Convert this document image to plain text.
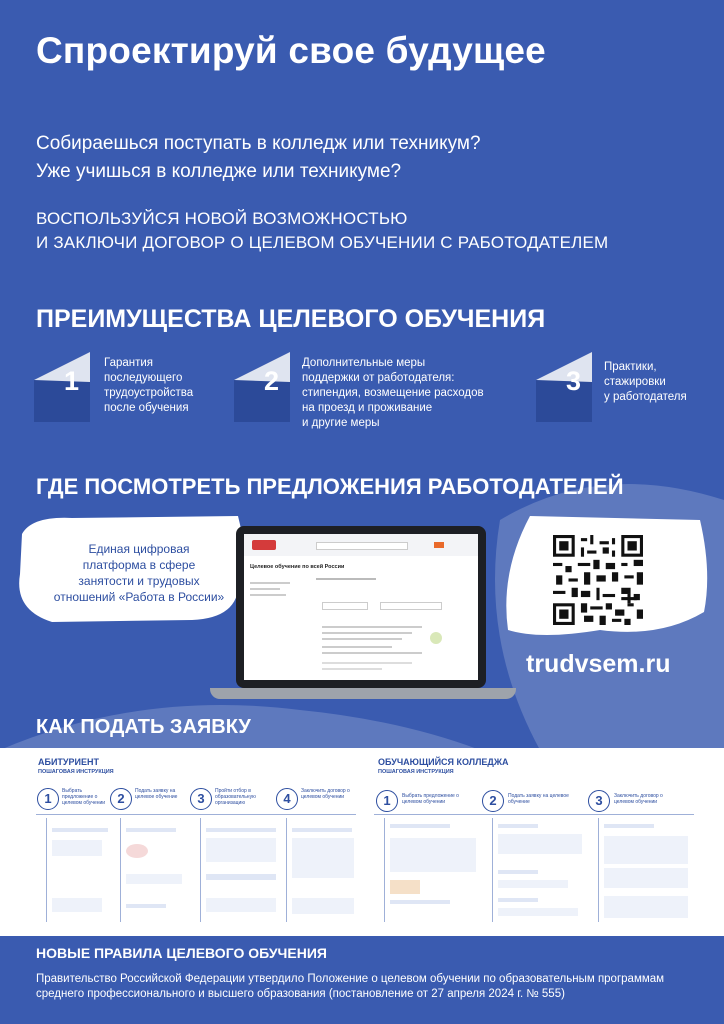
Спроектируй свое будущее
Собираешься поступать в колледж или техникум?
Уже учишься в колледже или техникуме?
ВОСПОЛЬЗУЙСЯ НОВОЙ ВОЗМОЖНОСТЬЮ
И ЗАКЛЮЧИ ДОГОВОР О ЦЕЛЕВОМ ОБУЧЕНИИ С РАБОТОДАТЕЛЕМ
ПРЕИМУЩЕСТВА ЦЕЛЕВОГО ОБУЧЕНИЯ
1
Гарантия
последующего
трудоустройства
после обучения
2
Дополнительные меры
поддержки от работодателя:
стипендия, возмещение расходов
на проезд и проживание
и другие меры
3 Практики,
стажировки
у работодателя
ГДЕ ПОСМОТРЕТЬ ПРЕДЛОЖЕНИЯ РАБОТОДАТЕЛЕЙ
Единая цифровая
платформа в сфере
занятости и трудовых
отношений «Работа в России»
trudvsem.ru
Целевое обучение по всей России
КАК ПОДАТЬ ЗАЯВКУ
АБИТУРИЕНТ
ПОШАГОВАЯ ИНСТРУКЦИЯ
1	Выбрать предложение о целевом обучении 2	Подать заявку на целевое обучение	3	Пройти отбор в образовательную организацию	4	Заключить договор о целевом обучении
ОБУЧАЮЩИЙСЯ КОЛЛЕДЖА
ПОШАГОВАЯ ИНСТРУКЦИЯ
1	Выбрать предложение о целевом обучении	2	Подать заявку на целевое обучение	3	Заключить договор о целевом обучении
НОВЫЕ ПРАВИЛА ЦЕЛЕВОГО ОБУЧЕНИЯ
Правительство Российской Федерации утвердило Положение о целевом обучении по образовательным программам
среднего профессионального и высшего образования (постановление от 27 апреля 2024 г. № 555)
